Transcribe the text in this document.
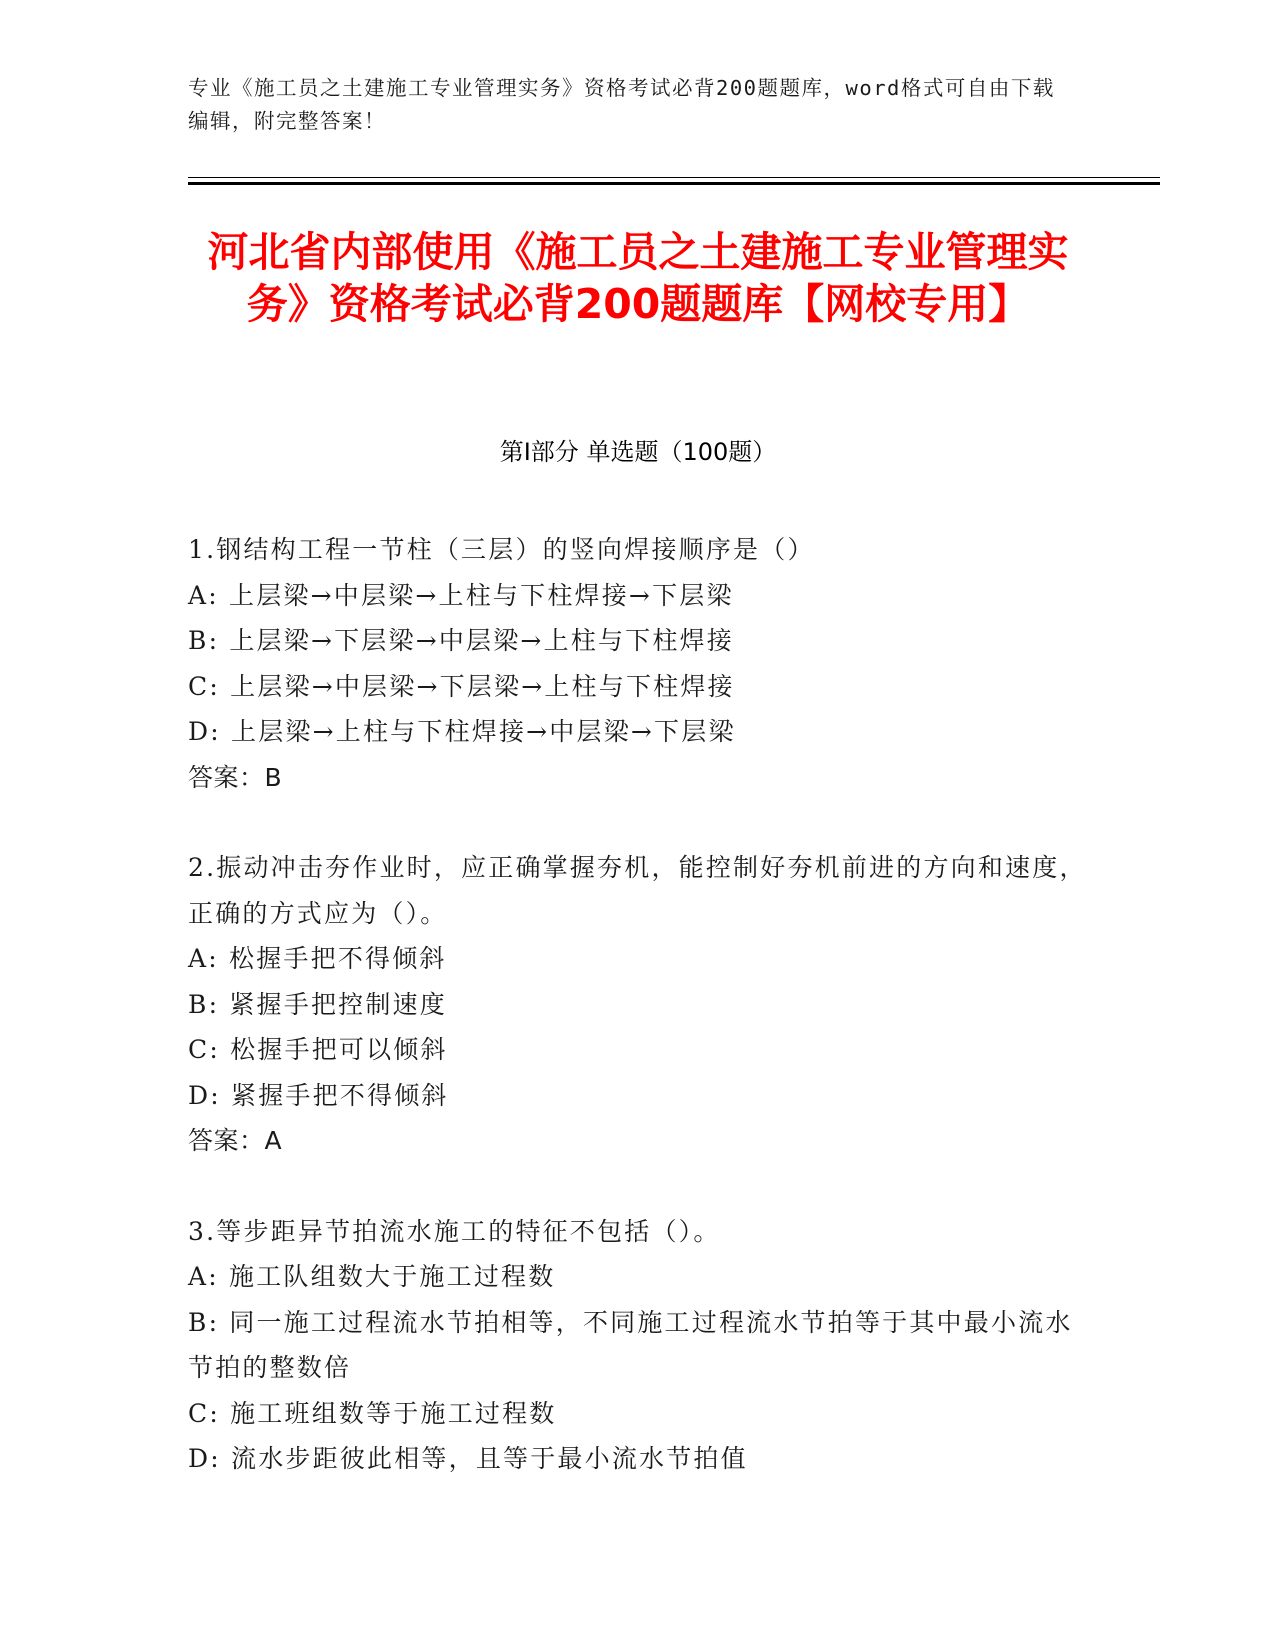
专业《施工员之土建施工专业管理实务》资格考试必背200题题库，word格式可自由下载编辑，附完整答案！
河北省内部使用《施工员之土建施工专业管理实务》资格考试必背200题题库【网校专用】
第I部分 单选题（100题）

1.钢结构工程一节柱（三层）的竖向焊接顺序是（）

A: 上层梁→中层梁→上柱与下柱焊接→下层梁

B: 上层梁→下层梁→中层梁→上柱与下柱焊接

C: 上层梁→中层梁→下层梁→上柱与下柱焊接

D: 上层梁→上柱与下柱焊接→中层梁→下层梁

答案：B

2.振动冲击夯作业时，应正确掌握夯机，能控制好夯机前进的方向和速度，正确的方式应为（）。

A: 松握手把不得倾斜

B: 紧握手把控制速度

C: 松握手把可以倾斜

D: 紧握手把不得倾斜

答案：A

3.等步距异节拍流水施工的特征不包括（）。

A: 施工队组数大于施工过程数

B: 同一施工过程流水节拍相等，不同施工过程流水节拍等于其中最小流水节拍的整数倍

C: 施工班组数等于施工过程数

D: 流水步距彼此相等，且等于最小流水节拍值
